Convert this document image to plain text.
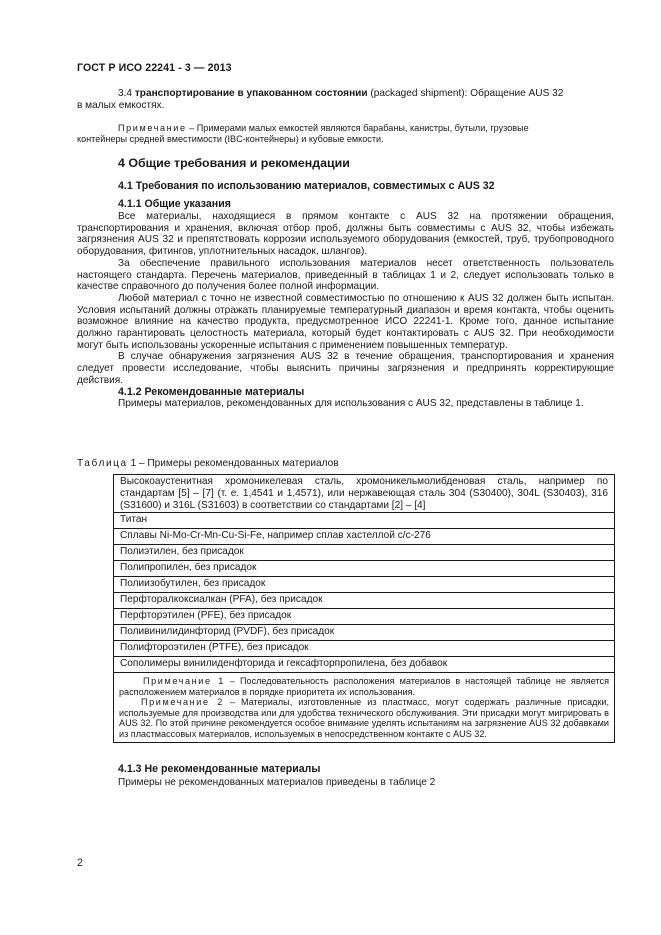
ГОСТ Р ИСО 22241 - 3 — 2013
3.4 транспортирование в упакованном состоянии (packaged shipment): Обращение AUS 32
в малых емкостях.
Примечание – Примерами малых емкостей являются барабаны, канистры, бутыли, грузовые
контейнеры средней вместимости (IBC-контейнеры) и кубовые емкости.
4 Общие требования и рекомендации
4.1 Требования по использованию материалов, совместимых с AUS 32
4.1.1 Общие указания
Все материалы, находящиеся в прямом контакте с AUS 32 на протяжении обращения, транспортирования и хранения, включая отбор проб, должны быть совместимы с AUS 32, чтобы избежать загрязнения AUS 32 и препятствовать коррозии используемого оборудования (емкостей, труб, трубопроводного оборудования, фитингов, уплотнительных насадок, шлангов).
За обеспечение правильного использования материалов несет ответственность пользователь настоящего стандарта. Перечень материалов, приведенный в таблицах 1 и 2, следует использовать только в качестве справочного до получения более полной информации.
Любой материал с точно не известной совместимостью по отношению к AUS 32 должен быть испытан. Условия испытаний должны отражать планируемые температурный диапазон и время контакта, чтобы оценить возможное влияние на качество продукта, предусмотренное ИСО 22241-1. Кроме того, данное испытание должно гарантировать целостность материала, который будет контактировать с AUS 32. При необходимости могут быть использованы ускоренные испытания с применением повышенных температур.
В случае обнаружения загрязнения AUS 32 в течение обращения, транспортирования и хранения следует провести исследование, чтобы выяснить причины загрязнения и предпринять корректирующие действия.
4.1.2 Рекомендованные материалы
Примеры материалов, рекомендованных для использования с AUS 32, представлены в таблице 1.
Таблица 1 – Примеры рекомендованных материалов
Высокоаустенитная хромоникелевая сталь, хромоникельмолибденовая сталь, например по стандартам [5] – [7] (т. е. 1,4541 и 1,4571), или нержавеющая сталь 304 (S30400), 304L (S30403), 316 (S31600) и 316L (S31603) в соответствии со стандартами [2] – [4]

Титан
Сплавы Ni-Mo-Cr-Mn-Cu-Si-Fe, например сплав хастеллой с/с-276
Полиэтилен, без присадок
Полипропилен, без присадок
Полиизобутилен, без присадок
Перфторалкоксиалкан (PFA), без присадок
Перфторэтилен (PFE), без присадок
Поливинилидинфторид (PVDF), без присадок
Полифтороэтилен (PTFE), без присадок
Сополимеры винилиденфторида и гексафторпропилена, без добавок

Примечание 1 – Последовательность расположения материалов в настоящей таблице не является расположением материалов в порядке приоритета их использования.
Примечание 2 – Материалы, изготовленные из пластмасс, могут содержать различные присадки, используемые для производства или для удобства технического обслуживания. Эти присадки могут мигрировать в AUS 32. По этой причине рекомендуется особое внимание уделять испытаниям на загрязнение AUS 32 добавками из пластмассовых материалов, используемых в непосредственном контакте с AUS 32.
4.1.3 Не рекомендованные материалы
Примеры не рекомендованных материалов приведены в таблице 2
2
